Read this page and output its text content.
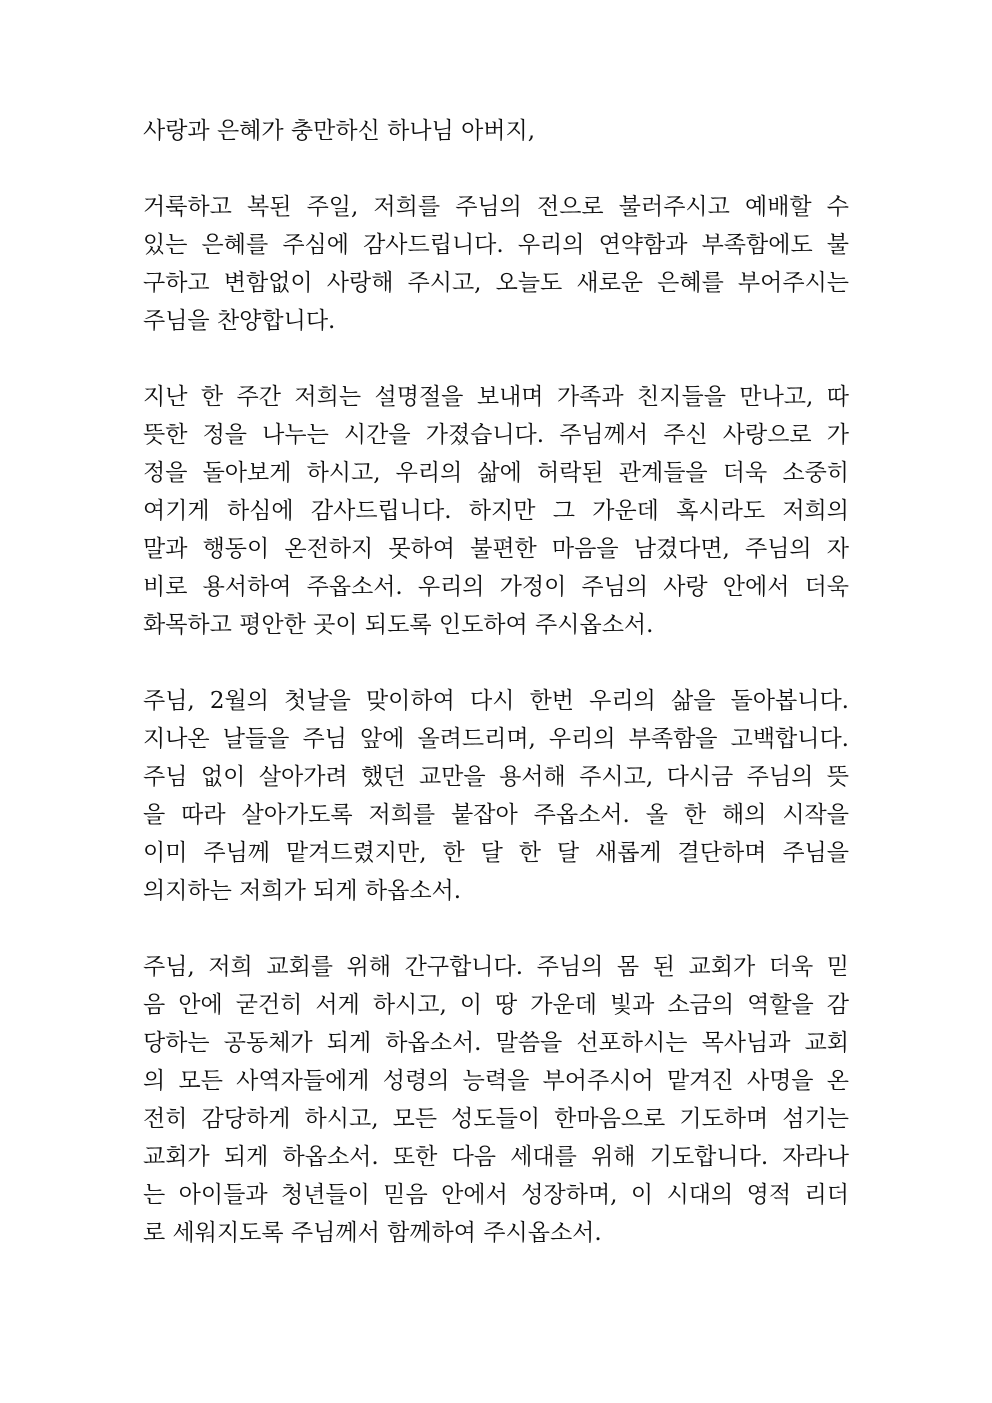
사랑과 은혜가 충만하신 하나님 아버지,
거룩하고 복된 주일, 저희를 주님의 전으로 불러주시고 예배할 수
있는 은혜를 주심에 감사드립니다. 우리의 연약함과 부족함에도 불
구하고 변함없이 사랑해 주시고, 오늘도 새로운 은혜를 부어주시는
주님을 찬양합니다.
지난 한 주간 저희는 설명절을 보내며 가족과 친지들을 만나고, 따
뜻한 정을 나누는 시간을 가졌습니다. 주님께서 주신 사랑으로 가
정을 돌아보게 하시고, 우리의 삶에 허락된 관계들을 더욱 소중히
여기게 하심에 감사드립니다. 하지만 그 가운데 혹시라도 저희의
말과 행동이 온전하지 못하여 불편한 마음을 남겼다면, 주님의 자
비로 용서하여 주옵소서. 우리의 가정이 주님의 사랑 안에서 더욱
화목하고 평안한 곳이 되도록 인도하여 주시옵소서.
주님, 2월의 첫날을 맞이하여 다시 한번 우리의 삶을 돌아봅니다.
지나온 날들을 주님 앞에 올려드리며, 우리의 부족함을 고백합니다.
주님 없이 살아가려 했던 교만을 용서해 주시고, 다시금 주님의 뜻
을 따라 살아가도록 저희를 붙잡아 주옵소서. 올 한 해의 시작을
이미 주님께 맡겨드렸지만, 한 달 한 달 새롭게 결단하며 주님을
의지하는 저희가 되게 하옵소서.
주님, 저희 교회를 위해 간구합니다. 주님의 몸 된 교회가 더욱 믿
음 안에 굳건히 서게 하시고, 이 땅 가운데 빛과 소금의 역할을 감
당하는 공동체가 되게 하옵소서. 말씀을 선포하시는 목사님과 교회
의 모든 사역자들에게 성령의 능력을 부어주시어 맡겨진 사명을 온
전히 감당하게 하시고, 모든 성도들이 한마음으로 기도하며 섬기는
교회가 되게 하옵소서. 또한 다음 세대를 위해 기도합니다. 자라나
는 아이들과 청년들이 믿음 안에서 성장하며, 이 시대의 영적 리더
로 세워지도록 주님께서 함께하여 주시옵소서.
